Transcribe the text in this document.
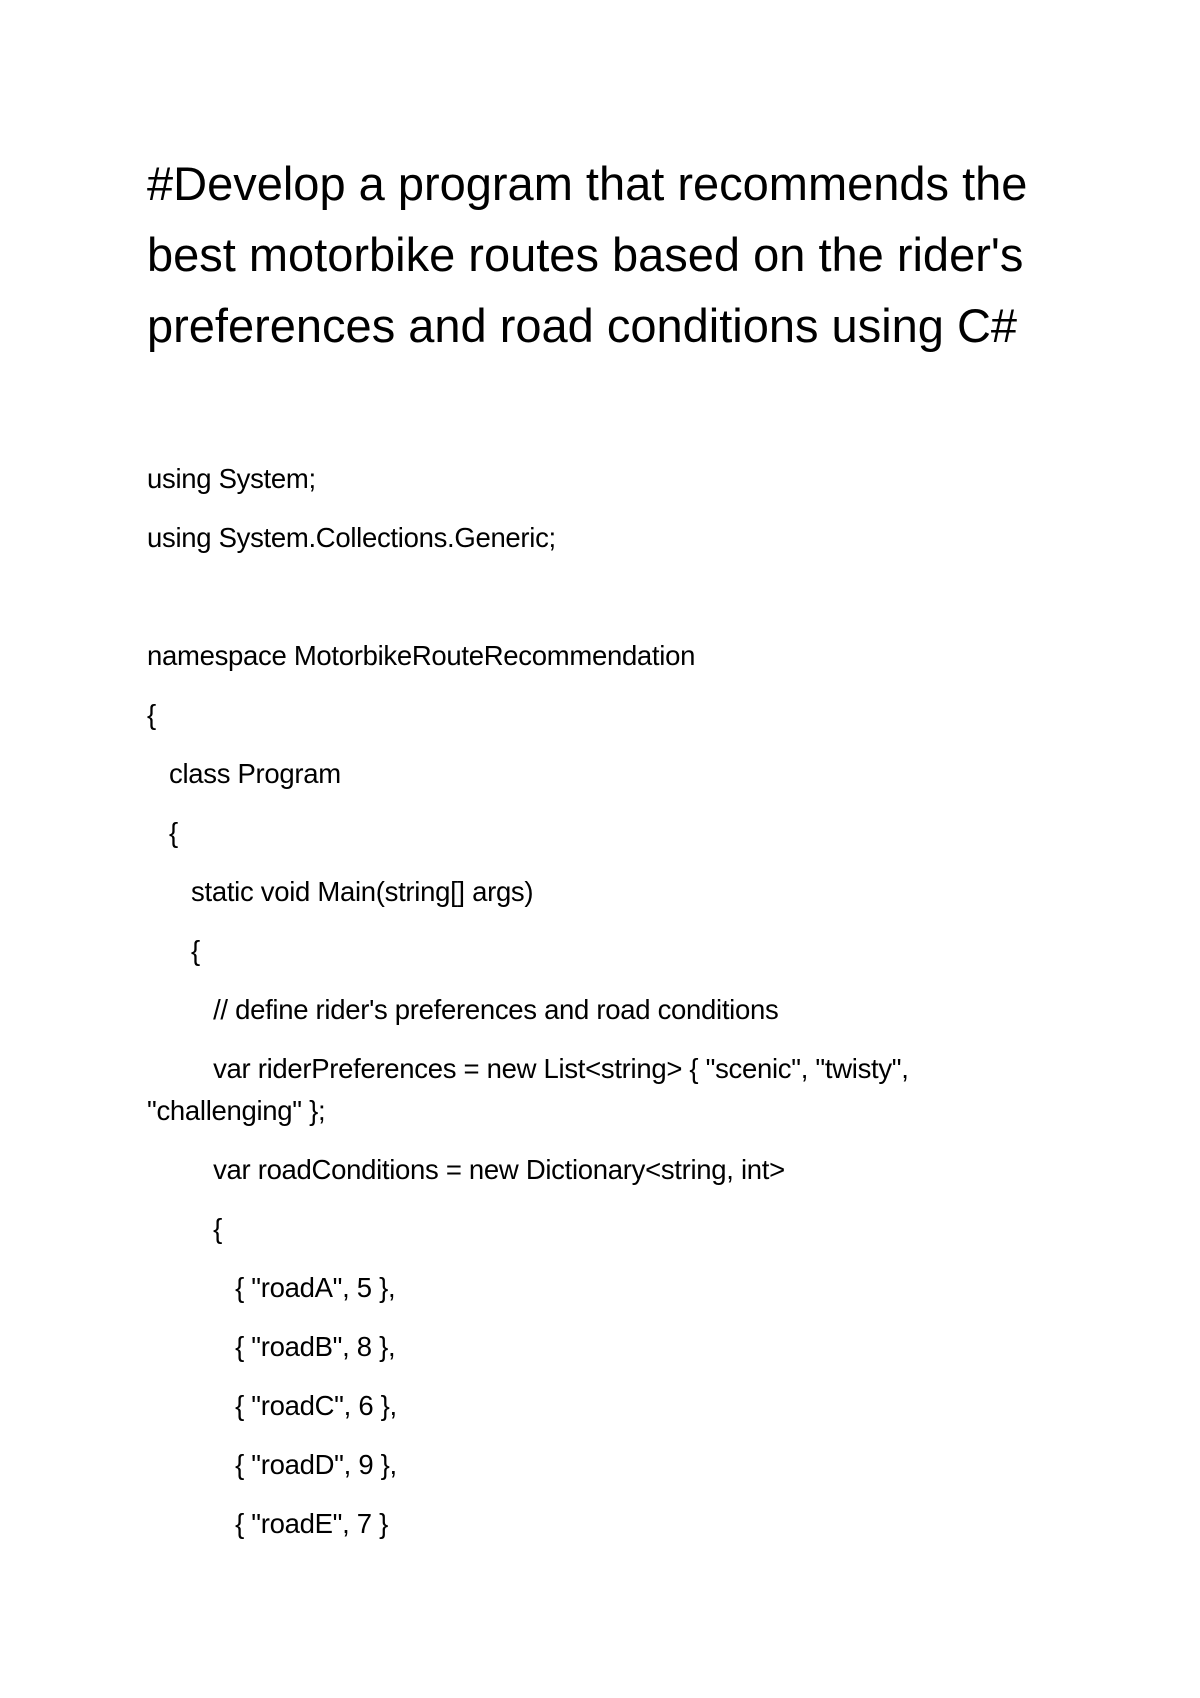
#Develop a program that recommends the
best motorbike routes based on the rider's
preferences and road conditions using C#
using System;
using System.Collections.Generic;
namespace MotorbikeRouteRecommendation
{
class Program
{
static void Main(string[] args)
{
// define rider's preferences and road conditions
var riderPreferences = new List<string> { "scenic", "twisty",
"challenging" };
var roadConditions = new Dictionary<string, int>
{
{ "roadA", 5 },
{ "roadB", 8 },
{ "roadC", 6 },
{ "roadD", 9 },
{ "roadE", 7 }
